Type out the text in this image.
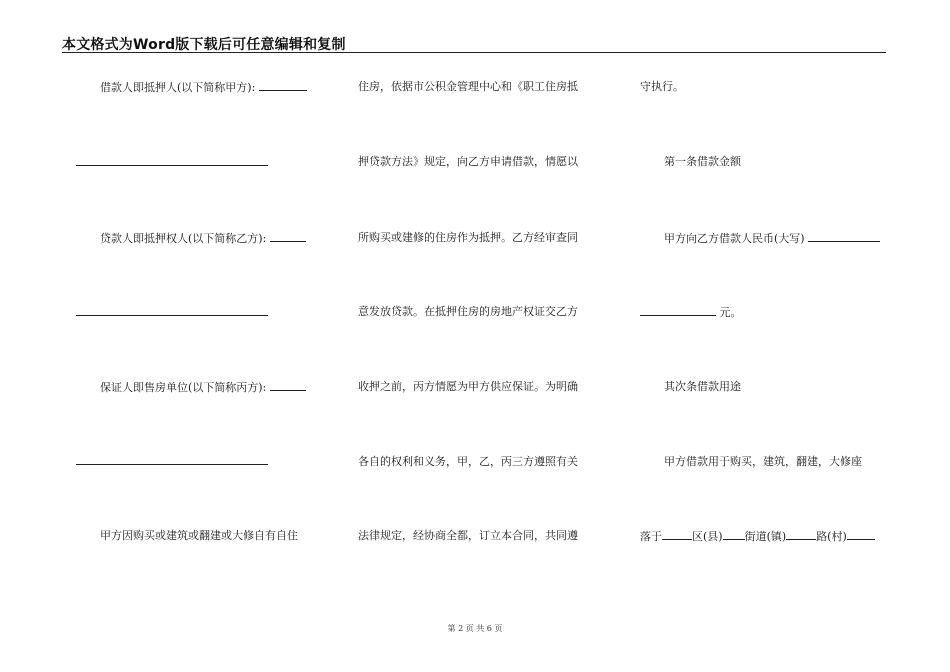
本文格式为Word版下载后可任意编辑和复制
借款人即抵押人(以下简称甲方):
贷款人即抵押权人(以下简称乙方):
保证人即售房单位(以下简称丙方):
甲方因购买或建筑或翻建或大修自有自住
住房，依据市公积金管理中心和《职工住房抵
押贷款方法》规定，向乙方申请借款，情愿以
所购买或建修的住房作为抵押。乙方经审查同
意发放贷款。在抵押住房的房地产权证交乙方
收押之前，丙方情愿为甲方供应保证。为明确
各自的权利和义务，甲，乙，丙三方遵照有关
法律规定，经协商全都，订立本合同，共同遵
守执行。
第一条借款金额
甲方向乙方借款人民币(大写)
元。
其次条借款用途
甲方借款用于购买，建筑，翻建，大修座
落于	区(县) 街道(镇)	路(村)
第 2 页 共 6 页
